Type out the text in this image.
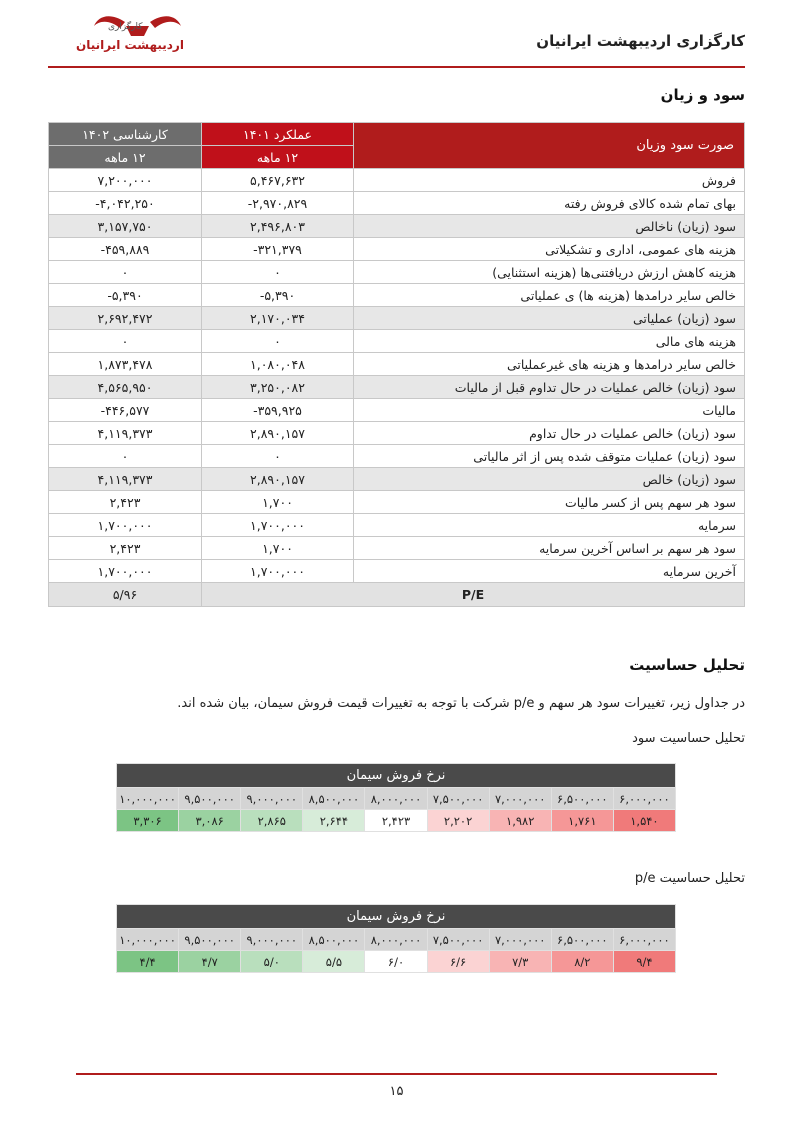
کارگزاری
اردیبهشت ایرانیان	کارگزاری اردیبهشت ایرانیان
سود و زیان
صورت سود وزیان	عملکرد ۱۴۰۱	کارشناسی ۱۴۰۲
	۱۲ ماهه	۱۲ ماهه
فروش	۵,۴۶۷,۶۳۲	۷,۲۰۰,۰۰۰
بهای تمام شده کالای فروش رفته	-۲,۹۷۰,۸۲۹	-۴,۰۴۲,۲۵۰
سود (زیان) ناخالص	۲,۴۹۶,۸۰۳	۳,۱۵۷,۷۵۰
هزینه های عمومی، اداری و تشکیلاتی	-۳۲۱,۳۷۹	-۴۵۹,۸۸۹
هزینه کاهش ارزش دریافتنی‌ها (هزینه استثنایی)	۰	۰
خالص سایر درامدها (هزینه ها) ی عملیاتی	-۵,۳۹۰	-۵,۳۹۰
سود (زیان) عملیاتی	۲,۱۷۰,۰۳۴	۲,۶۹۲,۴۷۲
هزینه های مالی	۰	۰
خالص سایر درامدها و هزینه های غیرعملیاتی	۱,۰۸۰,۰۴۸	۱,۸۷۳,۴۷۸
سود (زیان) خالص عملیات در حال تداوم قبل از مالیات	۳,۲۵۰,۰۸۲	۴,۵۶۵,۹۵۰
مالیات	-۳۵۹,۹۲۵	-۴۴۶,۵۷۷
سود (زیان) خالص عملیات در حال تداوم	۲,۸۹۰,۱۵۷	۴,۱۱۹,۳۷۳
سود (زیان) عملیات متوقف شده پس از اثر مالیاتی	۰	۰
سود (زیان) خالص	۲,۸۹۰,۱۵۷	۴,۱۱۹,۳۷۳
سود هر سهم پس از کسر مالیات	۱,۷۰۰	۲,۴۲۳
سرمایه	۱,۷۰۰,۰۰۰	۱,۷۰۰,۰۰۰
سود هر سهم بر اساس آخرین سرمایه	۱,۷۰۰	۲,۴۲۳
آخرین سرمایه	۱,۷۰۰,۰۰۰	۱,۷۰۰,۰۰۰
P/E		۵/۹۶
تحلیل حساسیت
در جداول زیر، تغییرات سود هر سهم و p/e شرکت با توجه به تغییرات قیمت فروش سیمان، بیان شده اند.
تحلیل حساسیت سود
نرخ فروش سیمان								
۶,۰۰۰,۰۰۰	۶,۵۰۰,۰۰۰	۷,۰۰۰,۰۰۰	۷,۵۰۰,۰۰۰	۸,۰۰۰,۰۰۰	۸,۵۰۰,۰۰۰	۹,۰۰۰,۰۰۰	۹,۵۰۰,۰۰۰	۱۰,۰۰۰,۰۰۰
۱,۵۴۰	۱,۷۶۱	۱,۹۸۲	۲,۲۰۲	۲,۴۲۳	۲,۶۴۴	۲,۸۶۵	۳,۰۸۶	۳,۳۰۶
تحلیل حساسیت p/e
نرخ فروش سیمان								
۶,۰۰۰,۰۰۰	۶,۵۰۰,۰۰۰	۷,۰۰۰,۰۰۰	۷,۵۰۰,۰۰۰	۸,۰۰۰,۰۰۰	۸,۵۰۰,۰۰۰	۹,۰۰۰,۰۰۰	۹,۵۰۰,۰۰۰	۱۰,۰۰۰,۰۰۰
۹/۴	۸/۲	۷/۳	۶/۶	۶/۰	۵/۵	۵/۰	۴/۷	۴/۴
۱۵
